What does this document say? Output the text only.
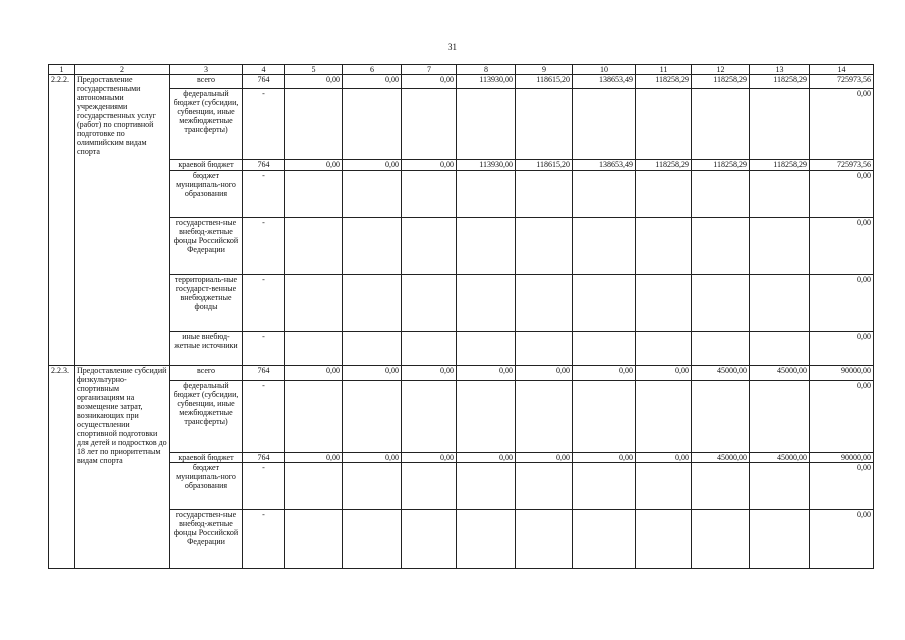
31
1	2	3	4	5	6	7	8	9	10	11	12	13	14
2.2.2.	Предоставление государственными автономными учреждениями государственных услуг (работ) по спортивной подготовке по олимпийским видам спорта	всего	764	0,00	0,00	0,00	113930,00	118615,20	138653,49	118258,29	118258,29	118258,29	725973,56
		федеральный бюджет (субсидии, субвенции, иные межбюджетные трансферты)	-										0,00
		краевой бюджет	764	0,00	0,00	0,00	113930,00	118615,20	138653,49	118258,29	118258,29	118258,29	725973,56
		бюджет муниципаль-ного образования	-										0,00
		государствен-ные внебюд-жетные фонды Российской Федерации	-										0,00
		территориаль-ные государст-венные внебюджетные фонды	-										0,00
		иные внебюд-жетные источники	-										0,00
2.2.3.	Предоставление субсидий физкультурно-спортивным организациям на возмещение затрат, возникающих при осуществлении спортивной подготовки для детей и подростков до 18 лет по приоритетным видам спорта	всего	764	0,00	0,00	0,00	0,00	0,00	0,00	0,00	45000,00	45000,00	90000,00
		федеральный бюджет (субсидии, субвенции, иные межбюджетные трансферты)	-										0,00
		краевой бюджет	764	0,00	0,00	0,00	0,00	0,00	0,00	0,00	45000,00	45000,00	90000,00
		бюджет муниципаль-ного образования	-										0,00
		государствен-ные внебюд-жетные фонды Российской Федерации	-										0,00
